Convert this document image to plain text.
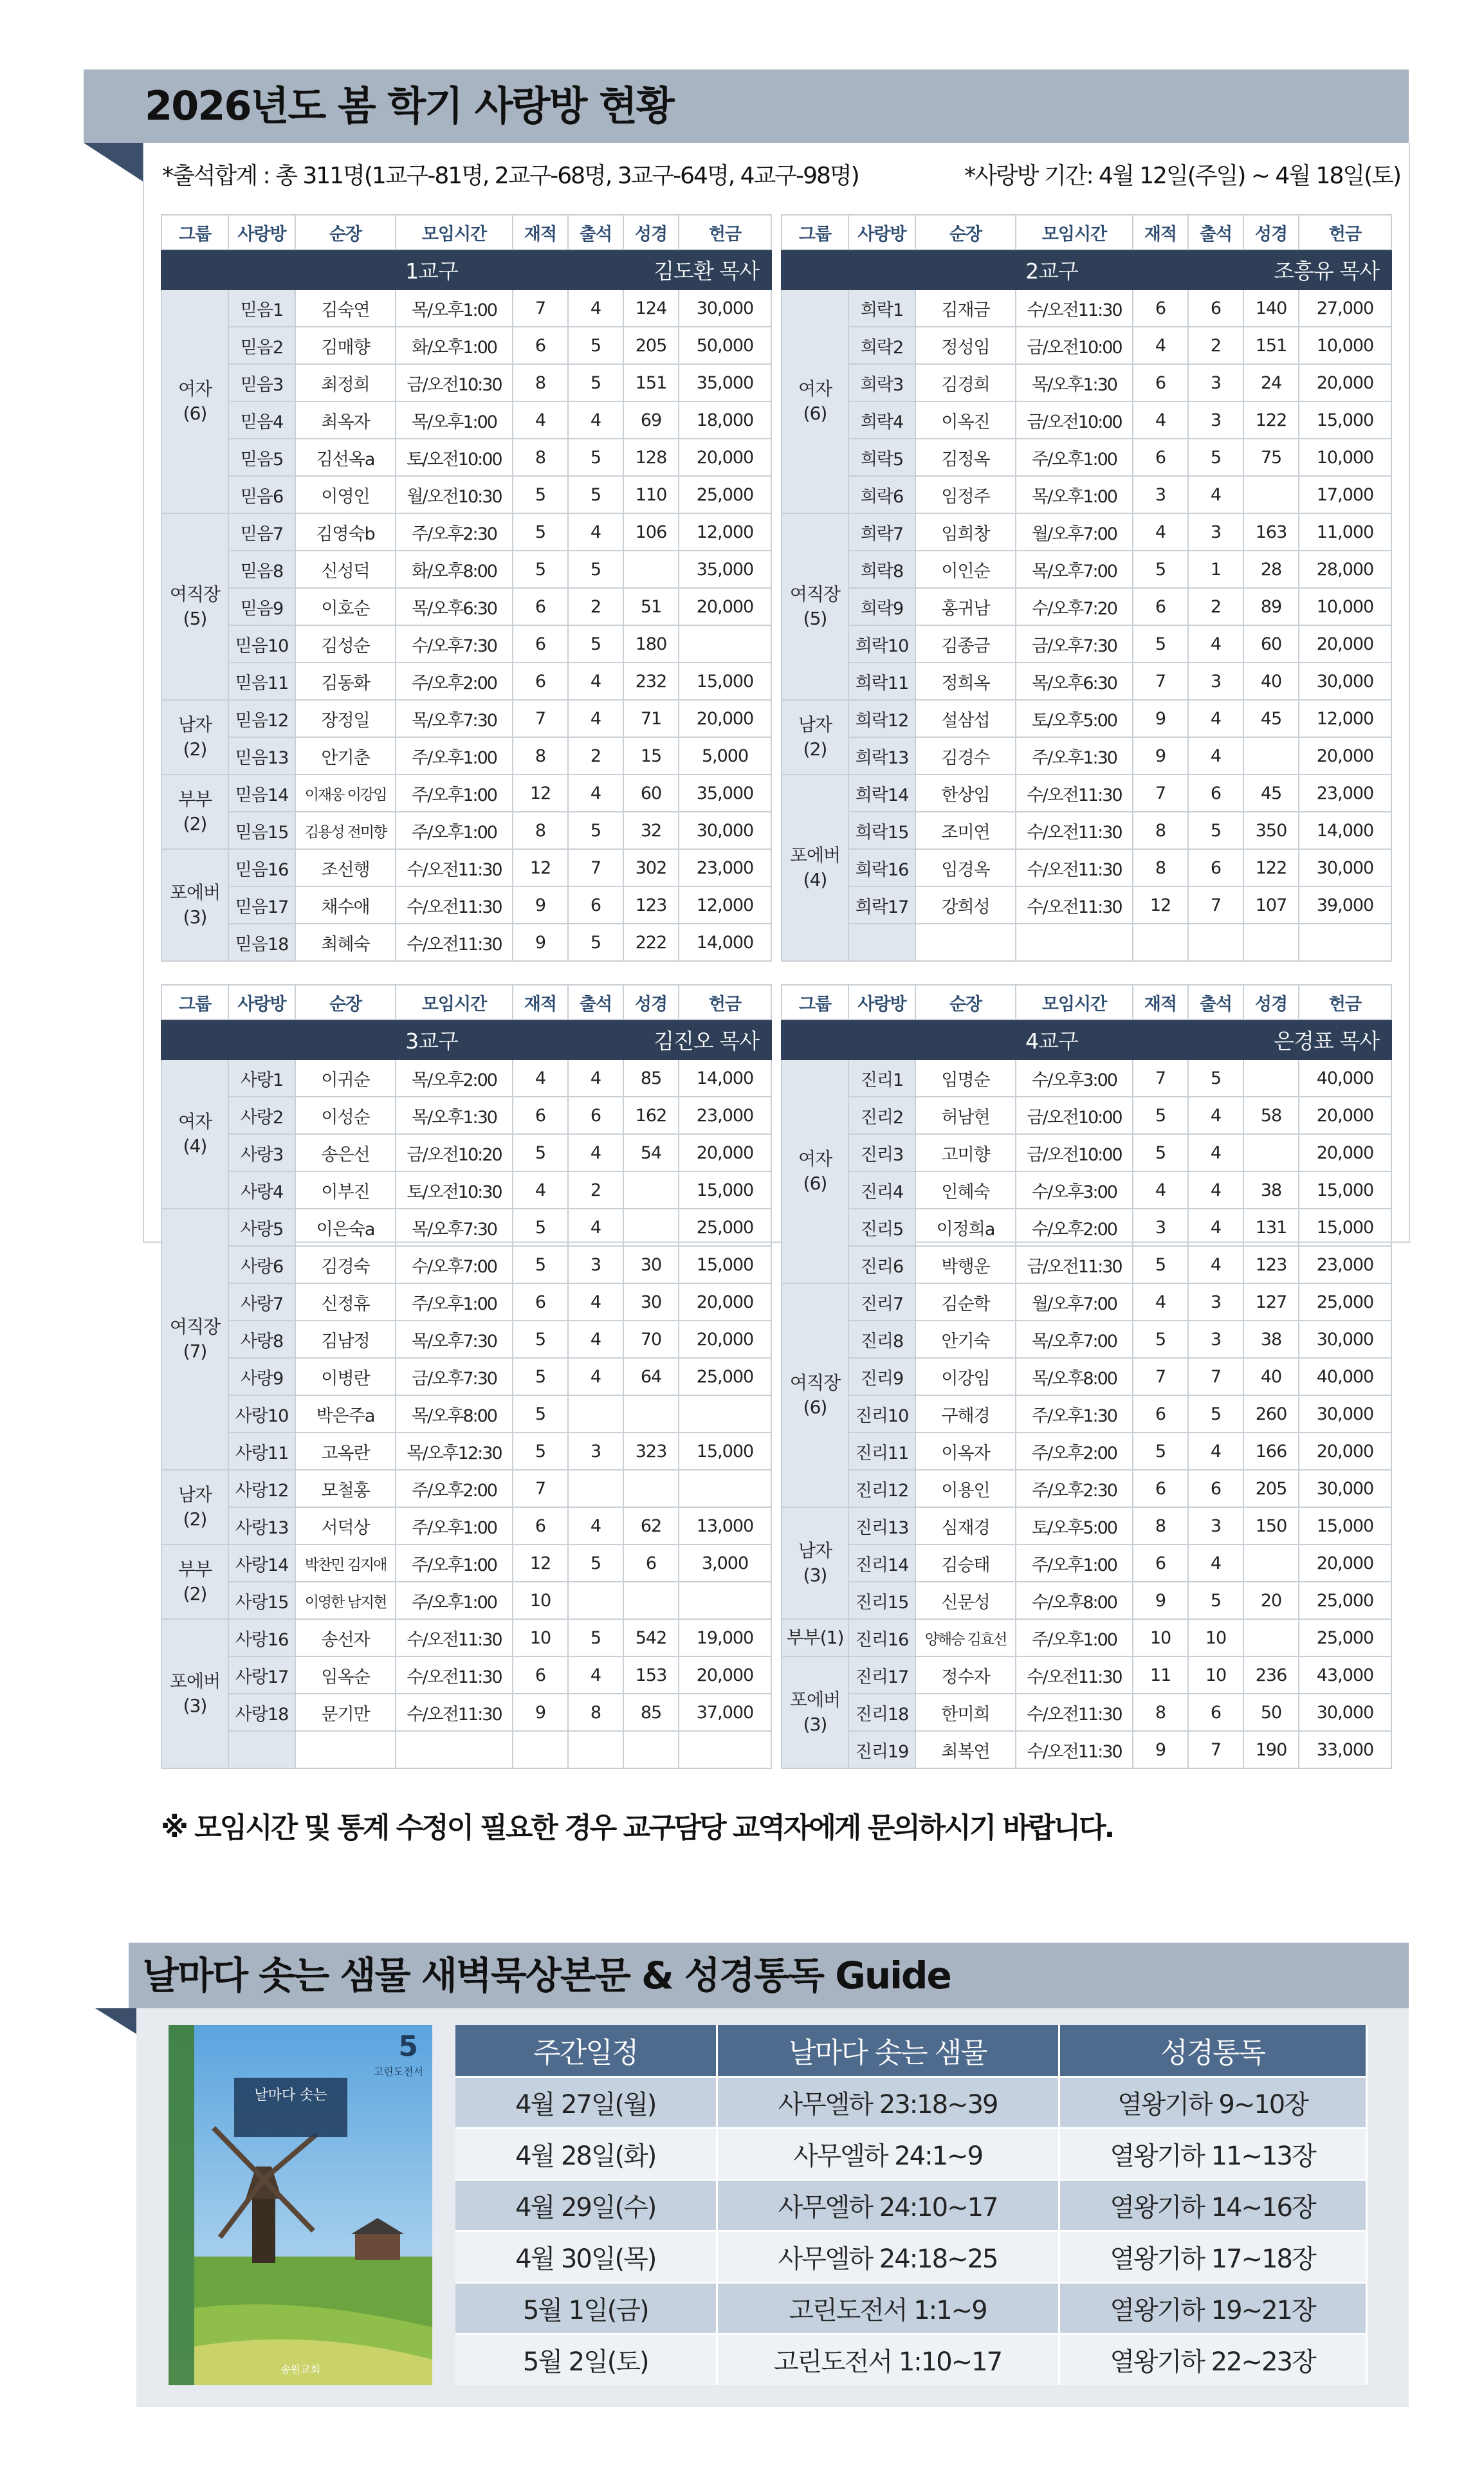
2026년도 봄 학기 사랑방 현황
*출석합계 : 총 311명(1교구-81명, 2교구-68명, 3교구-64명, 4교구-98명)	*사랑방 기간: 4월 12일(주일) ~ 4월 18일(토)
그룹	사랑방	순장	모임시간	재적	출석	성경	헌금
		1교구			김도환 목사		
여자
(6)	믿음1	김숙연	목/오후1:00	7	4	124	30,000
	믿음2	김매향	화/오후1:00	6	5	205	50,000
	믿음3	최정희	금/오전10:30	8	5	151	35,000
	믿음4	최옥자	목/오후1:00	4	4	69	18,000
	믿음5	김선옥a	토/오전10:00	8	5	128	20,000
	믿음6	이영인	월/오전10:30	5	5	110	25,000
여직장
(5)	믿음7	김영숙b	주/오후2:30	5	4	106	12,000
	믿음8	신성덕	화/오후8:00	5	5		35,000
	믿음9	이호순	목/오후6:30	6	2	51	20,000
	믿음10	김성순	수/오후7:30	6	5	180	
	믿음11	김동화	주/오후2:00	6	4	232	15,000
남자
(2)	믿음12	장정일	목/오후7:30	7	4	71	20,000
	믿음13	안기춘	주/오후1:00	8	2	15	5,000
부부
(2)	믿음14	이재웅 이강임	주/오후1:00	12	4	60	35,000
	믿음15	김용성 전미향	주/오후1:00	8	5	32	30,000
포에버
(3)	믿음16	조선행	수/오전11:30	12	7	302	23,000
	믿음17	채수애	수/오전11:30	9	6	123	12,000
	믿음18	최혜숙	수/오전11:30	9	5	222	14,000
그룹	사랑방	순장	모임시간	재적	출석	성경	헌금
		2교구			조흥유 목사		
여자
(6)	희락1	김재금	수/오전11:30	6	6	140	27,000
	희락2	정성임	금/오전10:00	4	2	151	10,000
	희락3	김경희	목/오후1:30	6	3	24	20,000
	희락4	이옥진	금/오전10:00	4	3	122	15,000
	희락5	김정옥	주/오후1:00	6	5	75	10,000
	희락6	임정주	목/오후1:00	3	4		17,000
여직장
(5)	희락7	임희창	월/오후7:00	4	3	163	11,000
	희락8	이인순	목/오후7:00	5	1	28	28,000
	희락9	홍귀남	수/오후7:20	6	2	89	10,000
	희락10	김종금	금/오후7:30	5	4	60	20,000
	희락11	정희옥	목/오후6:30	7	3	40	30,000
남자
(2)	희락12	설삼섭	토/오후5:00	9	4	45	12,000
	희락13	김경수	주/오후1:30	9	4		20,000
포에버
(4)	희락14	한상임	수/오전11:30	7	6	45	23,000
	희락15	조미연	수/오전11:30	8	5	350	14,000
	희락16	임경옥	수/오전11:30	8	6	122	30,000
	희락17	강희성	수/오전11:30	12	7	107	39,000

그룹	사랑방	순장	모임시간	재적	출석	성경	헌금
		3교구			김진오 목사		
여자
(4)	사랑1	이귀순	목/오후2:00	4	4	85	14,000
	사랑2	이성순	목/오후1:30	6	6	162	23,000
	사랑3	송은선	금/오전10:20	5	4	54	20,000
	사랑4	이부진	토/오전10:30	4	2		15,000
여직장
(7)	사랑5	이은숙a	목/오후7:30	5	4		25,000
	사랑6	김경숙	수/오후7:00	5	3	30	15,000
	사랑7	신정휴	주/오후1:00	6	4	30	20,000
	사랑8	김남정	목/오후7:30	5	4	70	20,000
	사랑9	이병란	금/오후7:30	5	4	64	25,000
	사랑10	박은주a	목/오후8:00	5			
	사랑11	고옥란	목/오후12:30	5	3	323	15,000
남자
(2)	사랑12	모철홍	주/오후2:00	7			
	사랑13	서덕상	주/오후1:00	6	4	62	13,000
부부
(2)	사랑14	박찬민 김지애	주/오후1:00	12	5	6	3,000
	사랑15	이영한 남지현	주/오후1:00	10			
포에버
(3)	사랑16	송선자	수/오전11:30	10	5	542	19,000
	사랑17	임옥순	수/오전11:30	6	4	153	20,000
	사랑18	문기만	수/오전11:30	9	8	85	37,000

그룹	사랑방	순장	모임시간	재적	출석	성경	헌금
		4교구			은경표 목사		
여자
(6)	진리1	임명순	수/오후3:00	7	5		40,000
	진리2	허남현	금/오전10:00	5	4	58	20,000
	진리3	고미향	금/오전10:00	5	4		20,000
	진리4	인혜숙	수/오후3:00	4	4	38	15,000
	진리5	이정희a	수/오후2:00	3	4	131	15,000
	진리6	박행운	금/오전11:30	5	4	123	23,000
여직장
(6)	진리7	김순학	월/오후7:00	4	3	127	25,000
	진리8	안기숙	목/오후7:00	5	3	38	30,000
	진리9	이강임	목/오후8:00	7	7	40	40,000
	진리10	구해경	주/오후1:30	6	5	260	30,000
	진리11	이옥자	주/오후2:00	5	4	166	20,000
	진리12	이용인	주/오후2:30	6	6	205	30,000
남자
(3)	진리13	심재경	토/오후5:00	8	3	150	15,000
	진리14	김승태	주/오후1:00	6	4		20,000
	진리15	신문성	수/오후8:00	9	5	20	25,000
부부(1)	진리16	양해승 김효선	주/오후1:00	10	10		25,000
포에버
(3)	진리17	정수자	수/오전11:30	11	10	236	43,000
	진리18	한미희	수/오전11:30	8	6	50	30,000
	진리19	최복연	수/오전11:30	9	7	190	33,000
※ 모임시간 및 통계 수정이 필요한 경우 교구담당 교역자에게 문의하시기 바랍니다.
날마다 솟는 샘물 새벽묵상본문 & 성경통독 Guide
5
고린도전서
날마다 솟는
송원교회
주간일정	날마다 솟는 샘물	성경통독
4월 27일(월)	사무엘하 23:18~39	열왕기하 9~10장
4월 28일(화)	사무엘하 24:1~9	열왕기하 11~13장
4월 29일(수)	사무엘하 24:10~17	열왕기하 14~16장
4월 30일(목)	사무엘하 24:18~25	열왕기하 17~18장
5월 1일(금)	고린도전서 1:1~9	열왕기하 19~21장
5월 2일(토)	고린도전서 1:10~17	열왕기하 22~23장
